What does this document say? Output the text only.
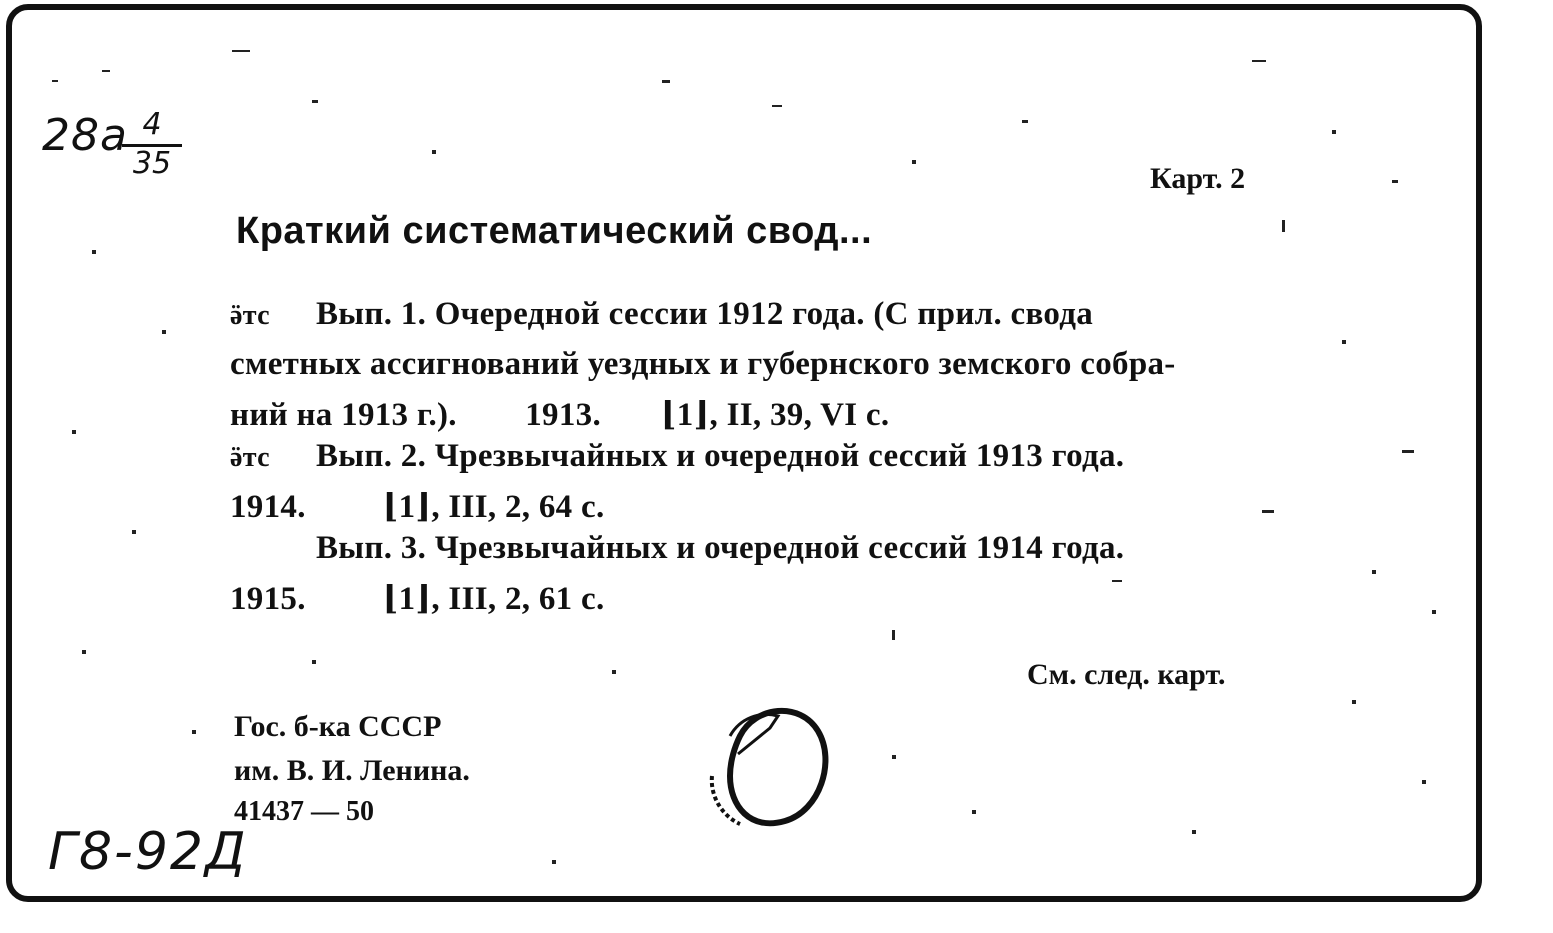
28a
$\frac{4}{35}$	Карт. 2
Краткий систематический свод...
ӛтс Вып. 1. Очередной сессии 1912 года. (С прил. свода
сметных ассигнований уездных и губернского земского собра-
ний на 1913 г.).        1913.       ⌊1⌋, II, 39, VI с.
ӛтс Вып. 2. Чрезвычайных и очередной сессий 1913 года.
1914.         ⌊1⌋, III, 2, 64 с.
Вып. 3. Чрезвычайных и очередной сессий 1914 года.
1915.         ⌊1⌋, III, 2, 61 с.
См. след. карт.
Гос. б-ка СССР
им. В. И. Ленина.
41437 — 50
Г8-92Д
